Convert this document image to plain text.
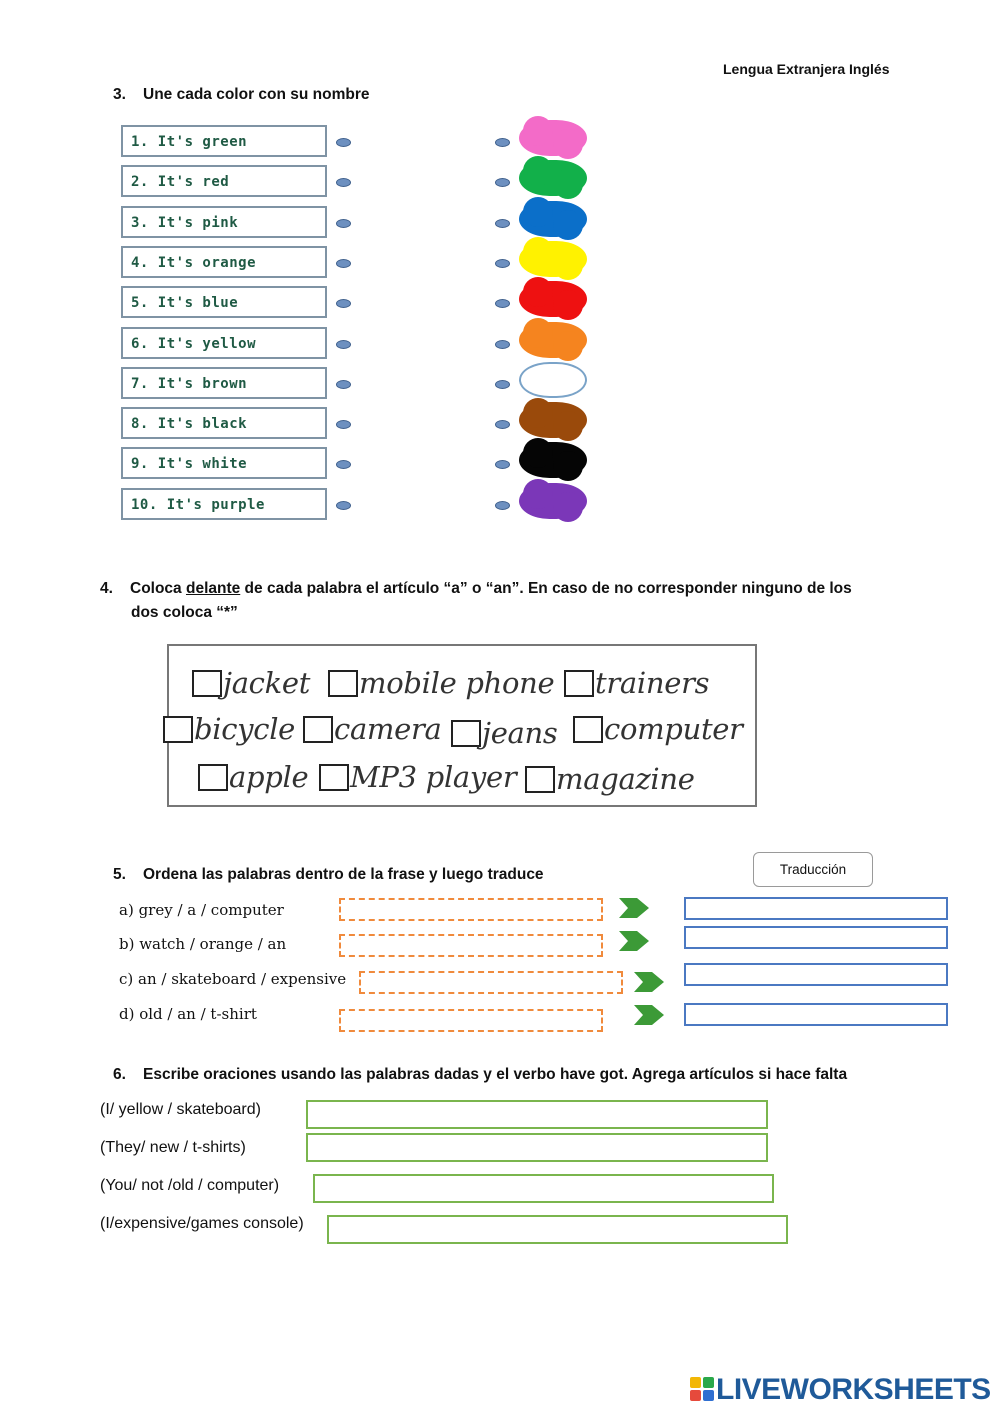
Lengua Extranjera Inglés
3. Une cada color con su nombre
1. It's green
2. It's red
3. It's pink
4. It's orange
5. It's blue
6. It's yellow
7. It's brown
8. It's black
9. It's white
10. It's purple
4. Coloca delante de cada palabra el artículo “a” o “an”. En caso de no corresponder ninguno de los
dos coloca “*”
jacket	mobile phone	trainers
bicycle	camera	jeans	computer
apple	MP3 player	magazine
5. Ordena las palabras dentro de la frase y luego traduce	Traducción
a) grey / a / computer
b) watch / orange / an
c) an / skateboard / expensive
d) old / an / t-shirt
6. Escribe oraciones usando las palabras dadas y el verbo have got. Agrega artículos si hace falta
(I/ yellow / skateboard)
(They/ new / t-shirts)
(You/ not /old / computer)
(I/expensive/games console)
LIVEWORKSHEETS
